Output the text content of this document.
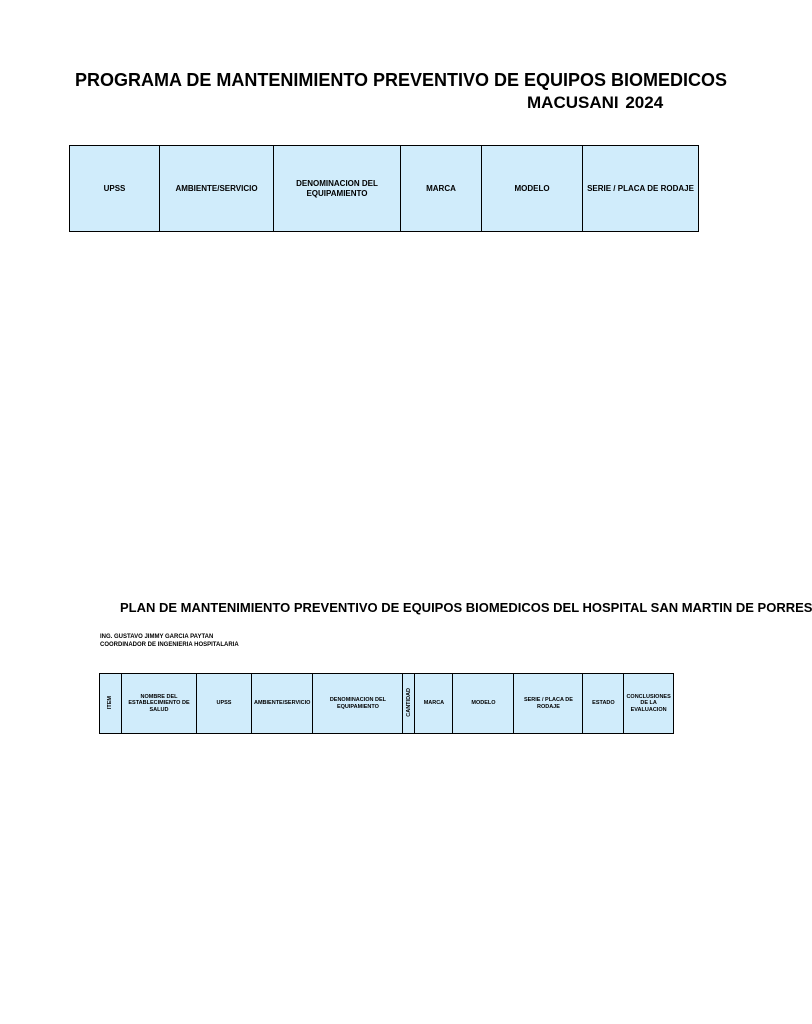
PROGRAMA DE MANTENIMIENTO PREVENTIVO DE EQUIPOS BIOMEDICOS
MACUSANI 2024
UPSS	AMBIENTE/SERVICIO	DENOMINACION DEL EQUIPAMIENTO	MARCA	MODELO	SERIE / PLACA DE RODAJE
PLAN DE MANTENIMIENTO PREVENTIVO DE EQUIPOS BIOMEDICOS DEL HOSPITAL SAN MARTIN DE PORRES
ING. GUSTAVO JIMMY GARCIA PAYTAN
COORDINADOR DE INGENIERIA HOSPITALARIA
ITEM	NOMBRE DEL ESTABLECIMIENTO DE SALUD	UPSS	AMBIENTE/SERVICIO	DENOMINACION DEL EQUIPAMIENTO	CANTIDAD	MARCA	MODELO	SERIE / PLACA DE RODAJE	ESTADO	CONCLUSIONES DE LA EVALUACION
